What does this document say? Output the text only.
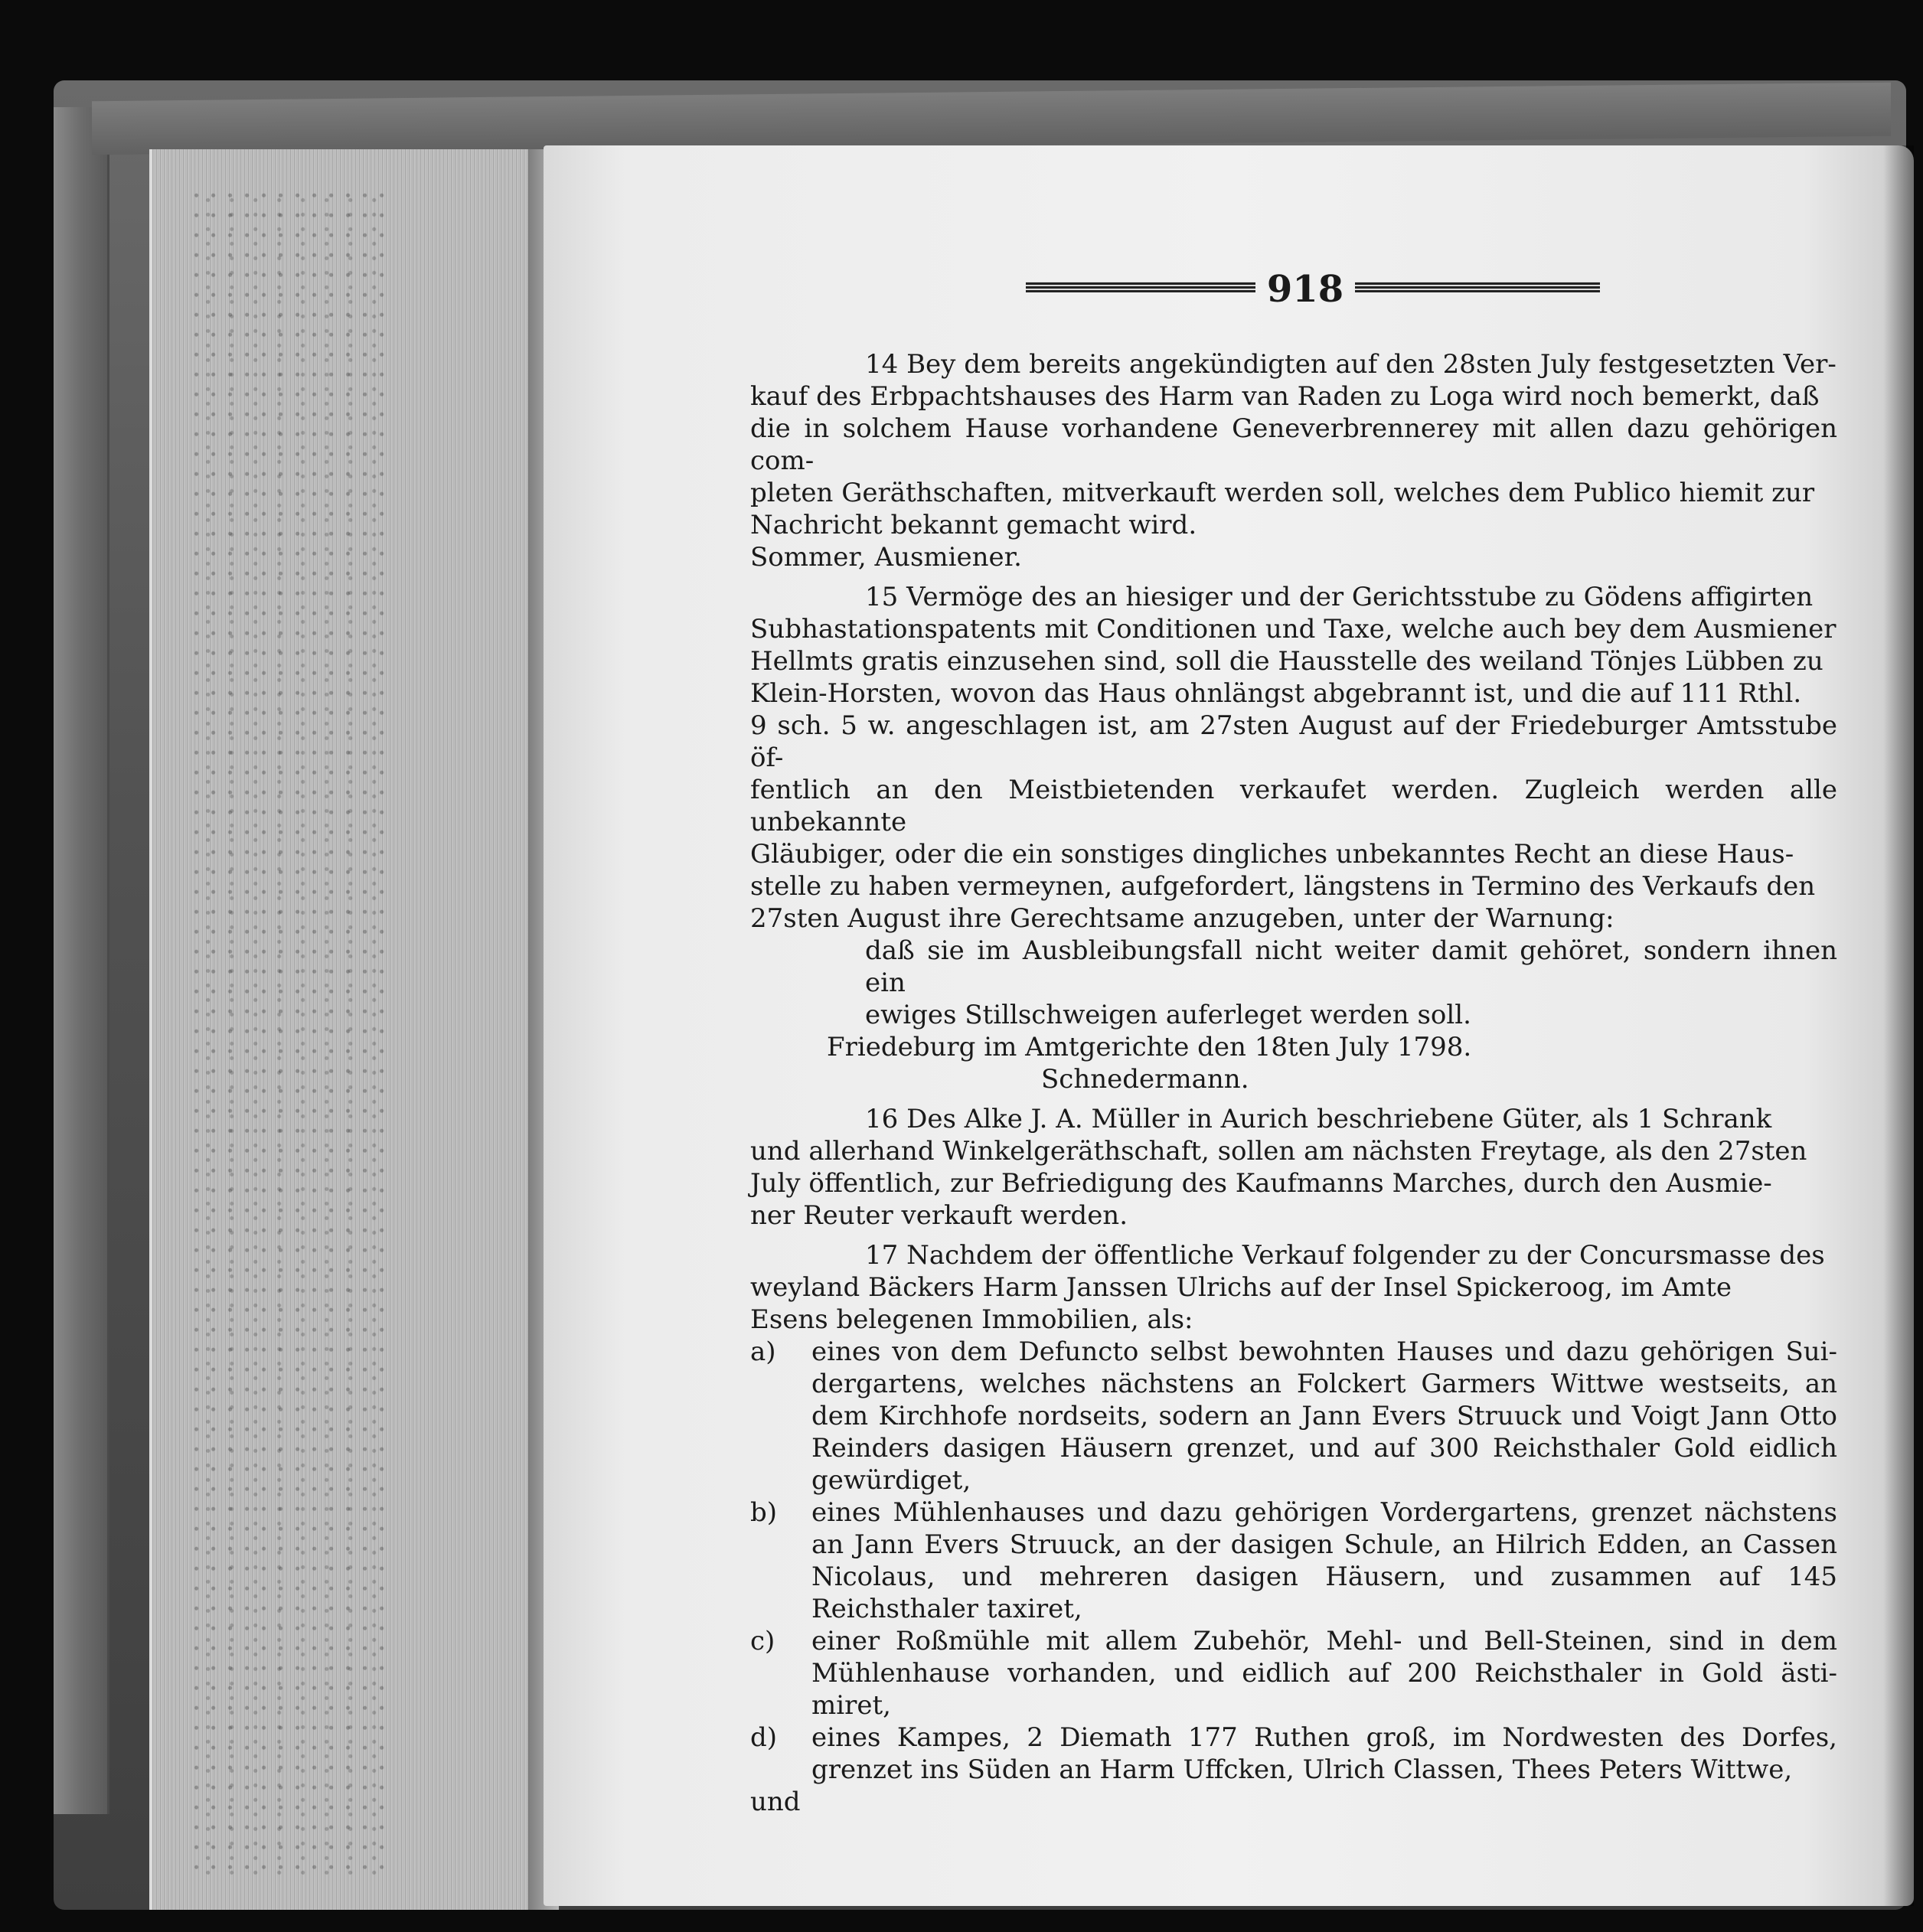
918

14 Bey dem bereits angekündigten auf den 28sten July festgesetzten Ver-

kauf des Erbpachtshauses des Harm van Raden zu Loga wird noch bemerkt, daß

die in solchem Hause vorhandene Geneverbrennerey mit allen dazu gehörigen com-

pleten Geräthschaften, mitverkauft werden soll, welches dem Publico hiemit zur

Nachricht bekannt gemacht wird.

Sommer, Ausmiener.

15 Vermöge des an hiesiger und der Gerichtsstube zu Gödens affigirten

Subhastationspatents mit Conditionen und Taxe, welche auch bey dem Ausmiener

Hellmts gratis einzusehen sind, soll die Hausstelle des weiland Tönjes Lübben zu

Klein-Horsten, wovon das Haus ohnlängst abgebrannt ist, und die auf 111 Rthl.

9 sch. 5 w. angeschlagen ist, am 27sten August auf der Friedeburger Amtsstube öf-

fentlich an den Meistbietenden verkaufet werden. Zugleich werden alle unbekannte

Gläubiger, oder die ein sonstiges dingliches unbekanntes Recht an diese Haus-

stelle zu haben vermeynen, aufgefordert, längstens in Termino des Verkaufs den

27sten August ihre Gerechtsame anzugeben, unter der Warnung:

daß sie im Ausbleibungsfall nicht weiter damit gehöret, sondern ihnen ein

ewiges Stillschweigen auferleget werden soll.

Friedeburg im Amtgerichte den 18ten July 1798.

Schnedermann.

16 Des Alke J. A. Müller in Aurich beschriebene Güter, als 1 Schrank

und allerhand Winkelgeräthschaft, sollen am nächsten Freytage, als den 27sten

July öffentlich, zur Befriedigung des Kaufmanns Marches, durch den Ausmie-

ner Reuter verkauft werden.

17 Nachdem der öffentliche Verkauf folgender zu der Concursmasse des

weyland Bäckers Harm Janssen Ulrichs auf der Insel Spickeroog, im Amte

Esens belegenen Immobilien, als:

a)	eines von dem Defuncto selbst bewohnten Hauses und dazu gehörigen Sui- dergartens, welches nächstens an Folckert Garmers Wittwe westseits, an dem Kirchhofe nordseits, sodern an Jann Evers Struuck und Voigt Jann Otto Reinders dasigen Häusern grenzet, und auf 300 Reichsthaler Gold eidlich gewürdiget,
b)	eines Mühlenhauses und dazu gehörigen Vordergartens, grenzet nächstens an Jann Evers Struuck, an der dasigen Schule, an Hilrich Edden, an Cassen Nicolaus, und mehreren dasigen Häusern, und zusammen auf 145 Reichsthaler taxiret,
c)	einer Roßmühle mit allem Zubehör, Mehl- und Bell-Steinen, sind in dem Mühlenhause vorhanden, und eidlich auf 200 Reichsthaler in Gold ästi- miret,
d)	eines Kampes, 2 Diemath 177 Ruthen groß, im Nordwesten des Dorfes, grenzet ins Süden an Harm Uffcken, Ulrich Classen, Thees Peters Wittwe,

und
